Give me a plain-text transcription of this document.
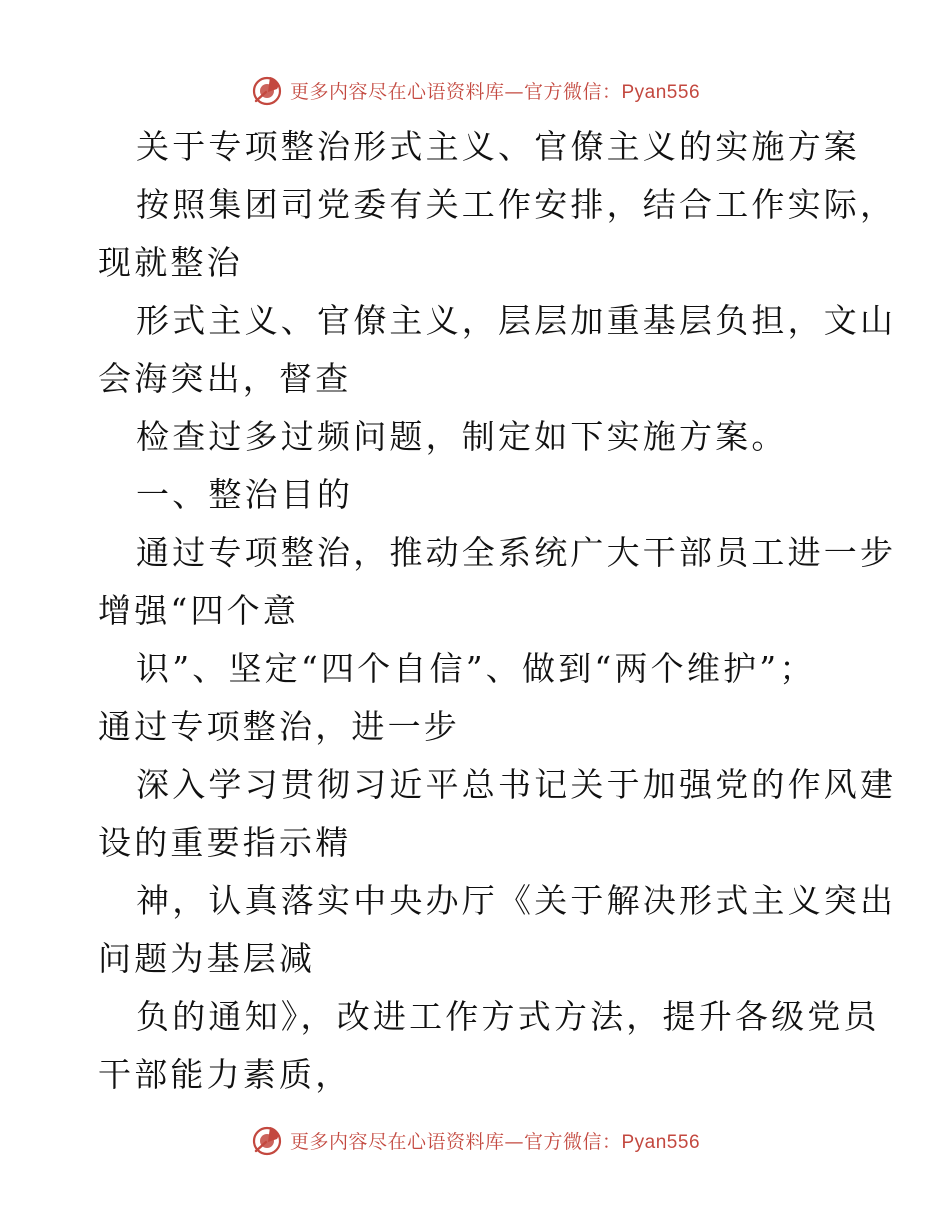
更多内容尽在心语资料库—官方微信：Pyan556
关于专项整治形式主义、官僚主义的实施方案
按照集团司党委有关工作安排，结合工作实际，
现就整治
形式主义、官僚主义，层层加重基层负担，文山
会海突出，督查
检查过多过频问题，制定如下实施方案。
一、整治目的
通过专项整治，推动全系统广大干部员工进一步
增强“四个意
识”、坚定“四个自信”、做到“两个维护”；
通过专项整治，进一步
深入学习贯彻习近平总书记关于加强党的作风建
设的重要指示精
神，认真落实中央办厅《关于解决形式主义突出
问题为基层减
负的通知》，改进工作方式方法，提升各级党员
干部能力素质，
更多内容尽在心语资料库—官方微信：Pyan556
